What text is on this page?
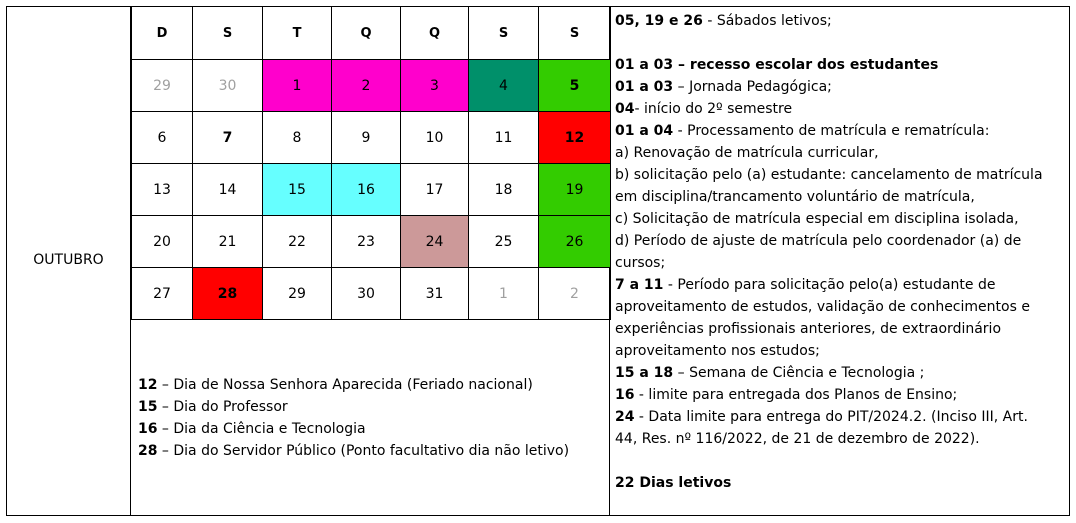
OUTUBRO
D	S	T	Q	Q	S	S
29	30	1	2	3	4	5
6	7	8	9	10	11	12
13	14	15	16	17	18	19
20	21	22	23	24	25	26
27	28	29	30	31	1	2
12 – Dia de Nossa Senhora Aparecida (Feriado nacional)
15 – Dia do Professor
16 – Dia da Ciência e Tecnologia
28 – Dia do Servidor Público (Ponto facultativo dia não letivo)

05, 19 e 26 - Sábados letivos;

01 a 03 – recesso escolar dos estudantes

01 a 03 – Jornada Pedagógica;

04- início do 2º semestre

01 a 04 - Processamento de matrícula e rematrícula:

a) Renovação de matrícula curricular,

b) solicitação pelo (a) estudante: cancelamento de matrícula

em disciplina/trancamento voluntário de matrícula,

c) Solicitação de matrícula especial em disciplina isolada,

d) Período de ajuste de matrícula pelo coordenador (a) de

cursos;

7 a 11 - Período para solicitação pelo(a) estudante de

aproveitamento de estudos, validação de conhecimentos e

experiências profissionais anteriores, de extraordinário

aproveitamento nos estudos;

15 a 18 – Semana de Ciência e Tecnologia ;

16 - limite para entregada dos Planos de Ensino;

24 - Data limite para entrega do PIT/2024.2. (Inciso III, Art.

44, Res. nº 116/2022, de 21 de dezembro de 2022).

22 Dias letivos
